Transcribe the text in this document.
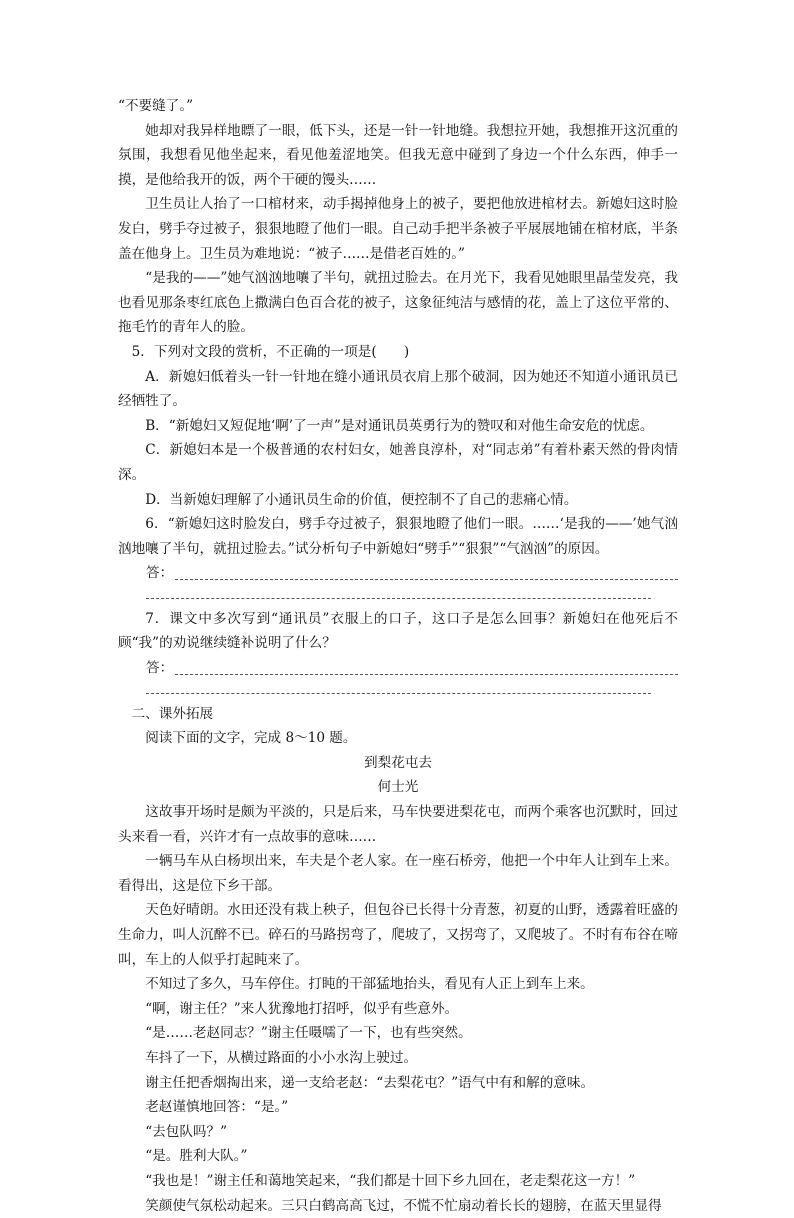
“不要缝了。”

她却对我异样地瞟了一眼，低下头，还是一针一针地缝。我想拉开她，我想推开这沉重的氛围，我想看见他坐起来，看见他羞涩地笑。但我无意中碰到了身边一个什么东西，伸手一摸，是他给我开的饭，两个干硬的馒头……

卫生员让人抬了一口棺材来，动手揭掉他身上的被子，要把他放进棺材去。新媳妇这时脸发白，劈手夺过被子，狠狠地瞪了他们一眼。自己动手把半条被子平展展地铺在棺材底，半条盖在他身上。卫生员为难地说：“被子……是借老百姓的。”

“是我的——”她气汹汹地嚷了半句，就扭过脸去。在月光下，我看见她眼里晶莹发亮，我也看见那条枣红底色上撒满白色百合花的被子，这象征纯洁与感情的花，盖上了这位平常的、拖毛竹的青年人的脸。

5．下列对文段的赏析，不正确的一项是(　　)

A．新媳妇低着头一针一针地在缝小通讯员衣肩上那个破洞，因为她还不知道小通讯员已经牺牲了。

B．“新媳妇又短促地‘啊’了一声”是对通讯员英勇行为的赞叹和对他生命安危的忧虑。

C．新媳妇本是一个极普通的农村妇女，她善良淳朴，对“同志弟”有着朴素天然的骨肉情深。

D．当新媳妇理解了小通讯员生命的价值，便控制不了自己的悲痛心情。

6．“新媳妇这时脸发白，劈手夺过被子，狠狠地瞪了他们一眼。……‘是我的——’她气汹汹地嚷了半句，就扭过脸去。”试分析句子中新媳妇“劈手”“狠狠”“气汹汹”的原因。

答：

7．课文中多次写到“通讯员”衣服上的口子，这口子是怎么回事？新媳妇在他死后不顾“我”的劝说继续缝补说明了什么？

答：

二、课外拓展

阅读下面的文字，完成 8～10 题。

到梨花屯去

何士光

这故事开场时是颇为平淡的，只是后来，马车快要进梨花屯，而两个乘客也沉默时，回过头来看一看，兴许才有一点故事的意味……

一辆马车从白杨坝出来，车夫是个老人家。在一座石桥旁，他把一个中年人让到车上来。看得出，这是位下乡干部。

天色好晴朗。水田还没有栽上秧子，但包谷已长得十分青葱，初夏的山野，透露着旺盛的生命力，叫人沉醉不已。碎石的马路拐弯了，爬坡了，又拐弯了，又爬坡了。不时有布谷在啼叫，车上的人似乎打起盹来了。

不知过了多久，马车停住。打盹的干部猛地抬头，看见有人正上到车上来。

“啊，谢主任？”来人犹豫地打招呼，似乎有些意外。

“是……老赵同志？”谢主任嗫嚅了一下，也有些突然。

车抖了一下，从横过路面的小小水沟上驶过。

谢主任把香烟掏出来，递一支给老赵：“去梨花屯？”语气中有和解的意味。

老赵谨慎地回答：“是。”

“去包队吗？”

“是。胜利大队。”

“我也是！”谢主任和蔼地笑起来，“我们都是十回下乡九回在，老走梨花这一方！”

笑颜使气氛松动起来。三只白鹤高高飞过，不慌不忙扇动着长长的翅膀，在蓝天里显得
